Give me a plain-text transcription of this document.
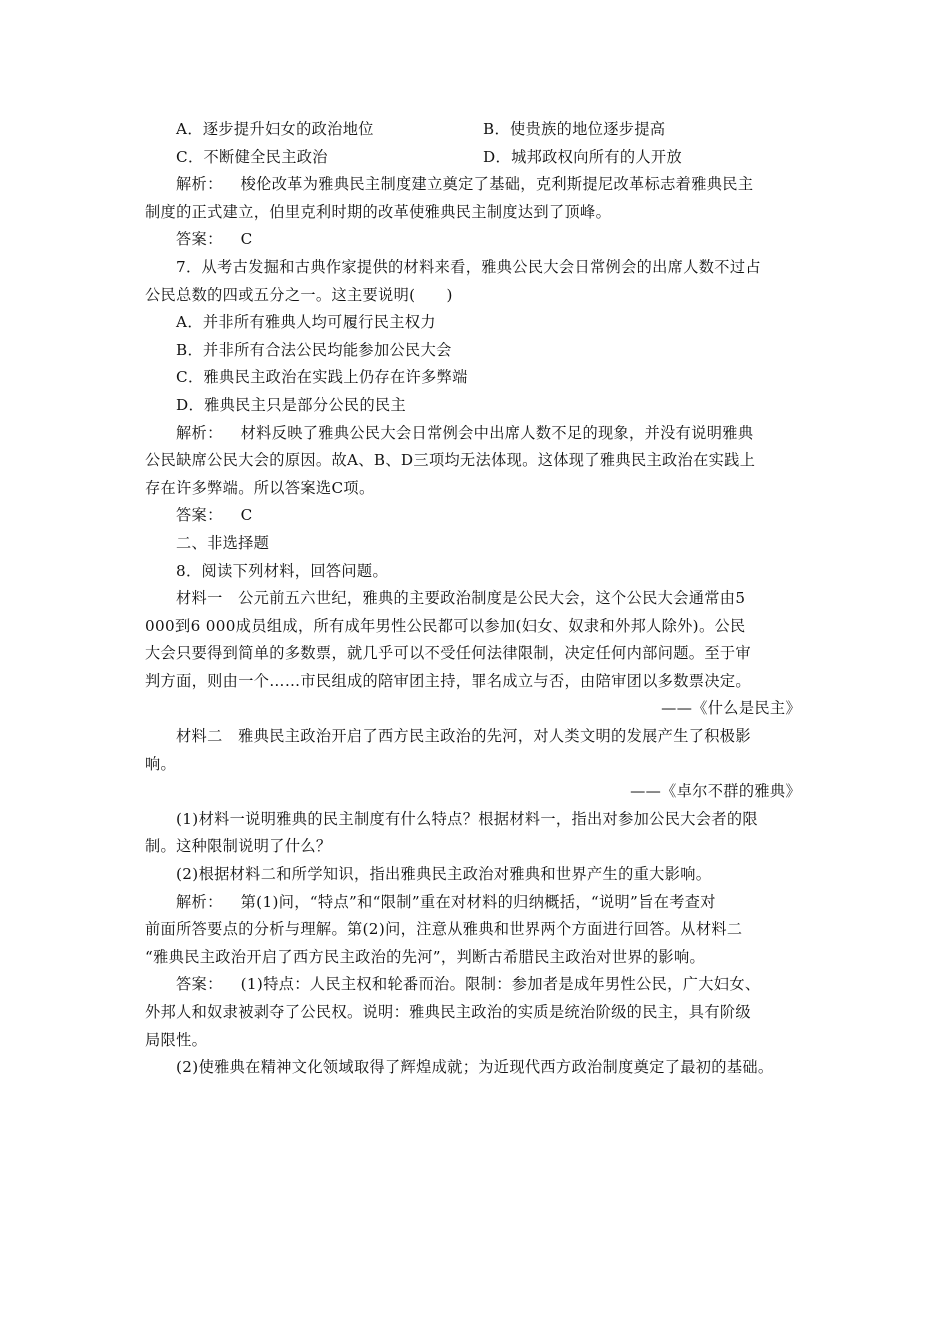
A．逐步提升妇女的政治地位	B．使贵族的地位逐步提高
C．不断健全民主政治	D．城邦政权向所有的人开放
解析： 梭伦改革为雅典民主制度建立奠定了基础，克利斯提尼改革标志着雅典民主
制度的正式建立，伯里克利时期的改革使雅典民主制度达到了顶峰。
答案： C
7．从考古发掘和古典作家提供的材料来看，雅典公民大会日常例会的出席人数不过占
公民总数的四或五分之一。这主要说明(　　)
A．并非所有雅典人均可履行民主权力
B．并非所有合法公民均能参加公民大会
C．雅典民主政治在实践上仍存在许多弊端
D．雅典民主只是部分公民的民主
解析： 材料反映了雅典公民大会日常例会中出席人数不足的现象，并没有说明雅典
公民缺席公民大会的原因。故A、B、D三项均无法体现。这体现了雅典民主政治在实践上
存在许多弊端。所以答案选C项。
答案： C
二、非选择题
8．阅读下列材料，回答问题。
材料一　公元前五六世纪，雅典的主要政治制度是公民大会，这个公民大会通常由5
000到6 000成员组成，所有成年男性公民都可以参加(妇女、奴隶和外邦人除外)。公民
大会只要得到简单的多数票，就几乎可以不受任何法律限制，决定任何内部问题。至于审
判方面，则由一个……市民组成的陪审团主持，罪名成立与否，由陪审团以多数票决定。
——《什么是民主》
材料二　雅典民主政治开启了西方民主政治的先河，对人类文明的发展产生了积极影
响。
——《卓尔不群的雅典》
(1)材料一说明雅典的民主制度有什么特点？根据材料一，指出对参加公民大会者的限
制。这种限制说明了什么？
(2)根据材料二和所学知识，指出雅典民主政治对雅典和世界产生的重大影响。
解析： 第(1)问，“特点”和“限制”重在对材料的归纳概括，“说明”旨在考查对
前面所答要点的分析与理解。第(2)问，注意从雅典和世界两个方面进行回答。从材料二
“雅典民主政治开启了西方民主政治的先河”，判断古希腊民主政治对世界的影响。
答案： (1)特点：人民主权和轮番而治。限制：参加者是成年男性公民，广大妇女、
外邦人和奴隶被剥夺了公民权。说明：雅典民主政治的实质是统治阶级的民主，具有阶级
局限性。
(2)使雅典在精神文化领域取得了辉煌成就；为近现代西方政治制度奠定了最初的基础。
